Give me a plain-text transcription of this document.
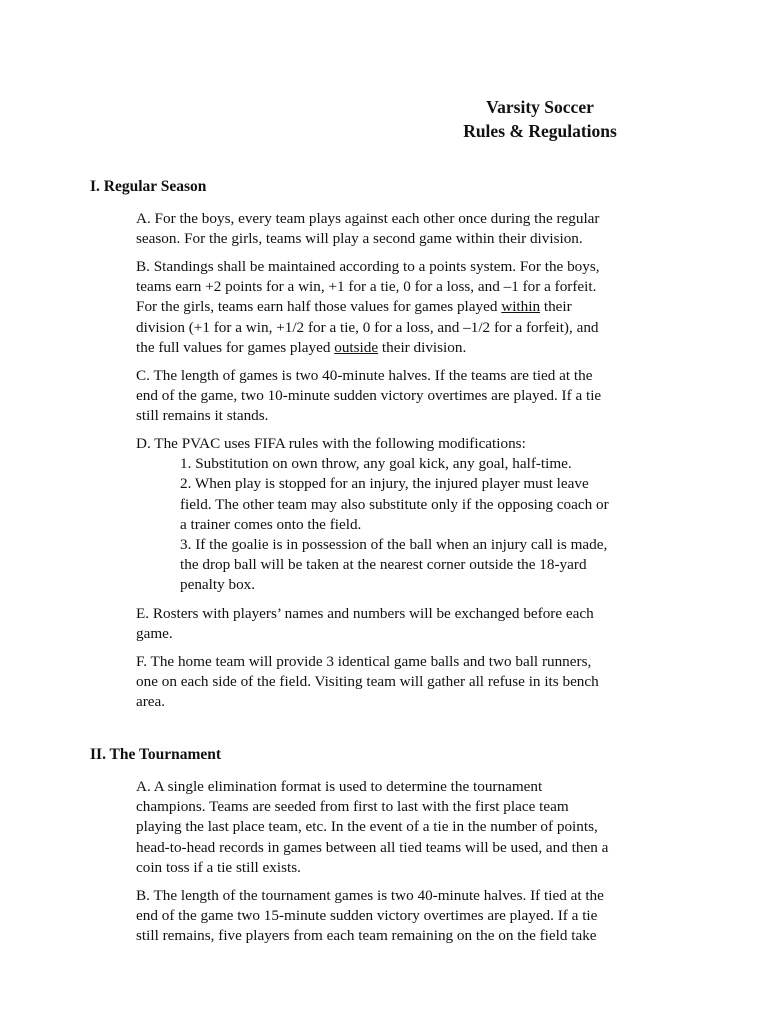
Varsity Soccer
Rules & Regulations
I. Regular Season
A. For the boys, every team plays against each other once during the regular
season. For the girls, teams will play a second game within their division.
B. Standings shall be maintained according to a points system. For the boys,
teams earn +2 points for a win, +1 for a tie, 0 for a loss, and –1 for a forfeit.
For the girls, teams earn half those values for games played within their
division (+1 for a win, +1/2 for a tie, 0 for a loss, and –1/2 for a forfeit), and
the full values for games played outside their division.
C. The length of games is two 40-minute halves. If the teams are tied at the
end of the game, two 10-minute sudden victory overtimes are played. If a tie
still remains it stands.
D. The PVAC uses FIFA rules with the following modifications:
1. Substitution on own throw, any goal kick, any goal, half-time.
2. When play is stopped for an injury, the injured player must leave
field. The other team may also substitute only if the opposing coach or
a trainer comes onto the field.
3. If the goalie is in possession of the ball when an injury call is made,
the drop ball will be taken at the nearest corner outside the 18-yard
penalty box.
E. Rosters with players’ names and numbers will be exchanged before each
game.
F. The home team will provide 3 identical game balls and two ball runners,
one on each side of the field. Visiting team will gather all refuse in its bench
area.
II. The Tournament
A. A single elimination format is used to determine the tournament
champions. Teams are seeded from first to last with the first place team
playing the last place team, etc. In the event of a tie in the number of points,
head-to-head records in games between all tied teams will be used, and then a
coin toss if a tie still exists.
B. The length of the tournament games is two 40-minute halves. If tied at the
end of the game two 15-minute sudden victory overtimes are played. If a tie
still remains, five players from each team remaining on the on the field take
